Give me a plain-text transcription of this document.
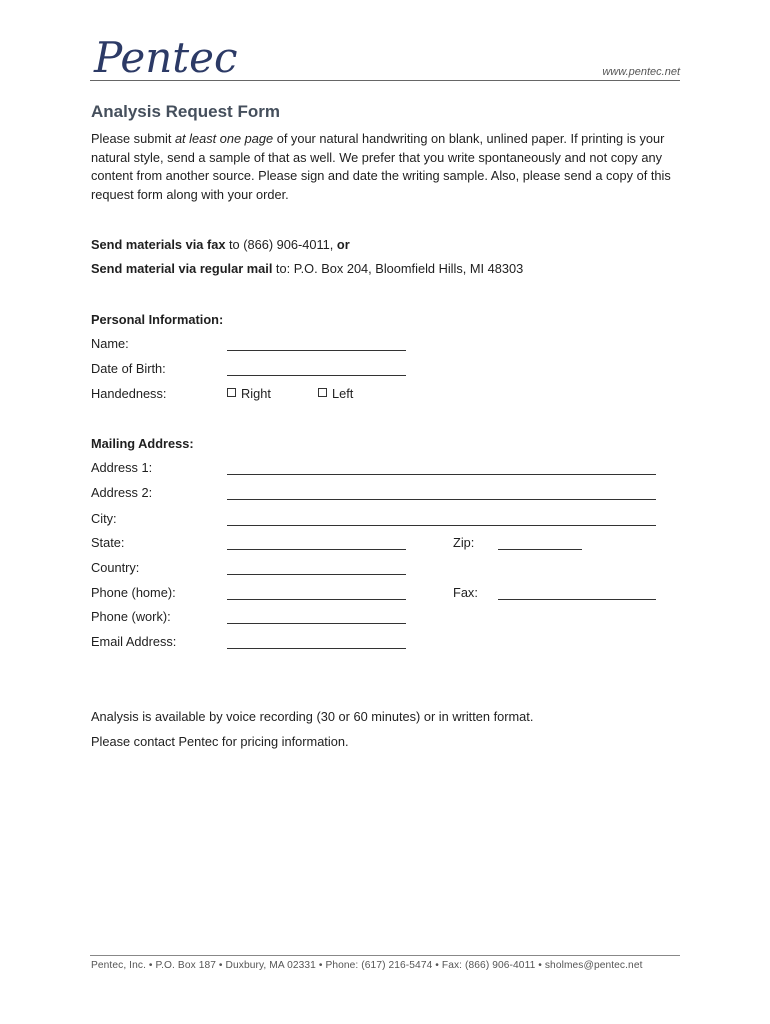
Pentec	www.pentec.net
Analysis Request Form

Please submit at least one page of your natural handwriting on blank, unlined paper. If printing is your natural style, send a sample of that as well. We prefer that you write spontaneously and not copy any content from another source. Please sign and date the writing sample. Also, please send a copy of this request form along with your order.

Send materials via fax to (866) 906-4011, or
Send material via regular mail to: P.O. Box 204, Bloomfield Hills, MI 48303
Personal Information:
Name:
Date of Birth:
Handedness:	Right	Left
Mailing Address:
Address 1:
Address 2:
City:
State:	Zip:
Country:
Phone (home):	Fax:
Phone (work):
Email Address:
Analysis is available by voice recording (30 or 60 minutes) or in written format.
Please contact Pentec for pricing information.
Pentec, Inc. • P.O. Box 187 • Duxbury, MA 02331 • Phone: (617) 216-5474 • Fax: (866) 906-4011 • sholmes@pentec.net
